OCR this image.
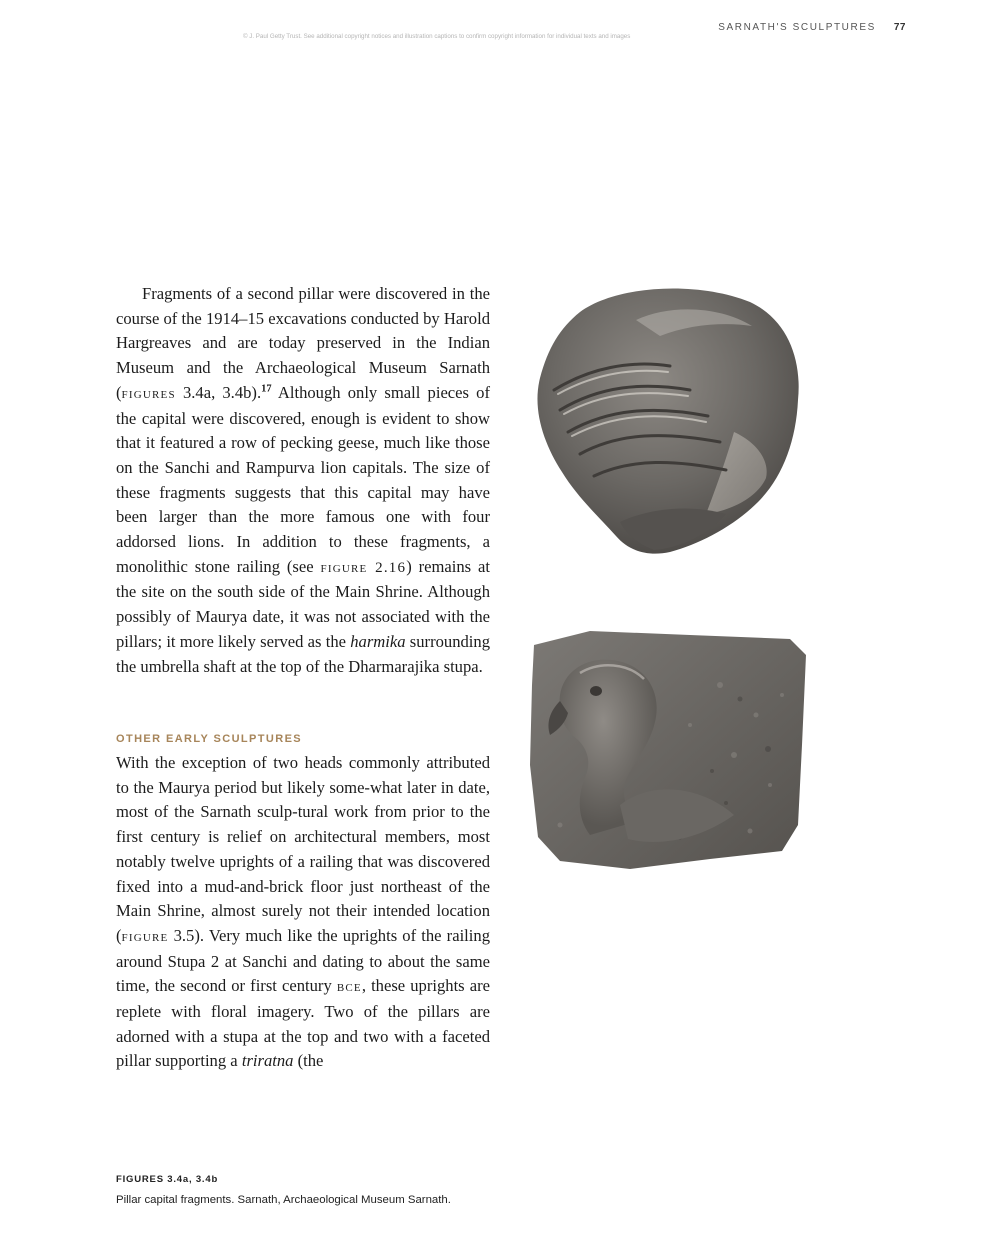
SARNATH'S SCULPTURES 77
© J. Paul Getty Trust. See additional copyright notices and illustration captions to confirm copyright information for individual texts and images

Fragments of a second pillar were discovered in the course of the 1914–15 excavations conducted by Harold Hargreaves and are today preserved in the Indian Museum and the Archaeological Museum Sarnath (figures 3.4a, 3.4b).$^{17}$ Although only small pieces of the capital were discovered, enough is evident to show that it featured a row of pecking geese, much like those on the Sanchi and Rampurva lion capitals. The size of these fragments suggests that this capital may have been larger than the more famous one with four addorsed lions. In addition to these fragments, a monolithic stone railing (see figure 2.16) remains at the site on the south side of the Main Shrine. Although possibly of Maurya date, it was not associated with the pillars; it more likely served as the harmika surrounding the umbrella shaft at the top of the Dharmarajika stupa.

OTHER EARLY SCULPTURES

With the exception of two heads commonly attributed to the Maurya period but likely some-what later in date, most of the Sarnath sculp-tural work from prior to the first century is relief on architectural members, most notably twelve uprights of a railing that was discovered fixed into a mud-and-brick floor just northeast of the Main Shrine, almost surely not their intended location (figure 3.5). Very much like the uprights of the railing around Stupa 2 at Sanchi and dating to about the same time, the second or first century bce, these uprights are replete with floral imagery. Two of the pillars are adorned with a stupa at the top and two with a faceted pillar supporting a triratna (the

FIGURES 3.4a, 3.4b
Pillar capital fragments. Sarnath, Archaeological Museum Sarnath.
